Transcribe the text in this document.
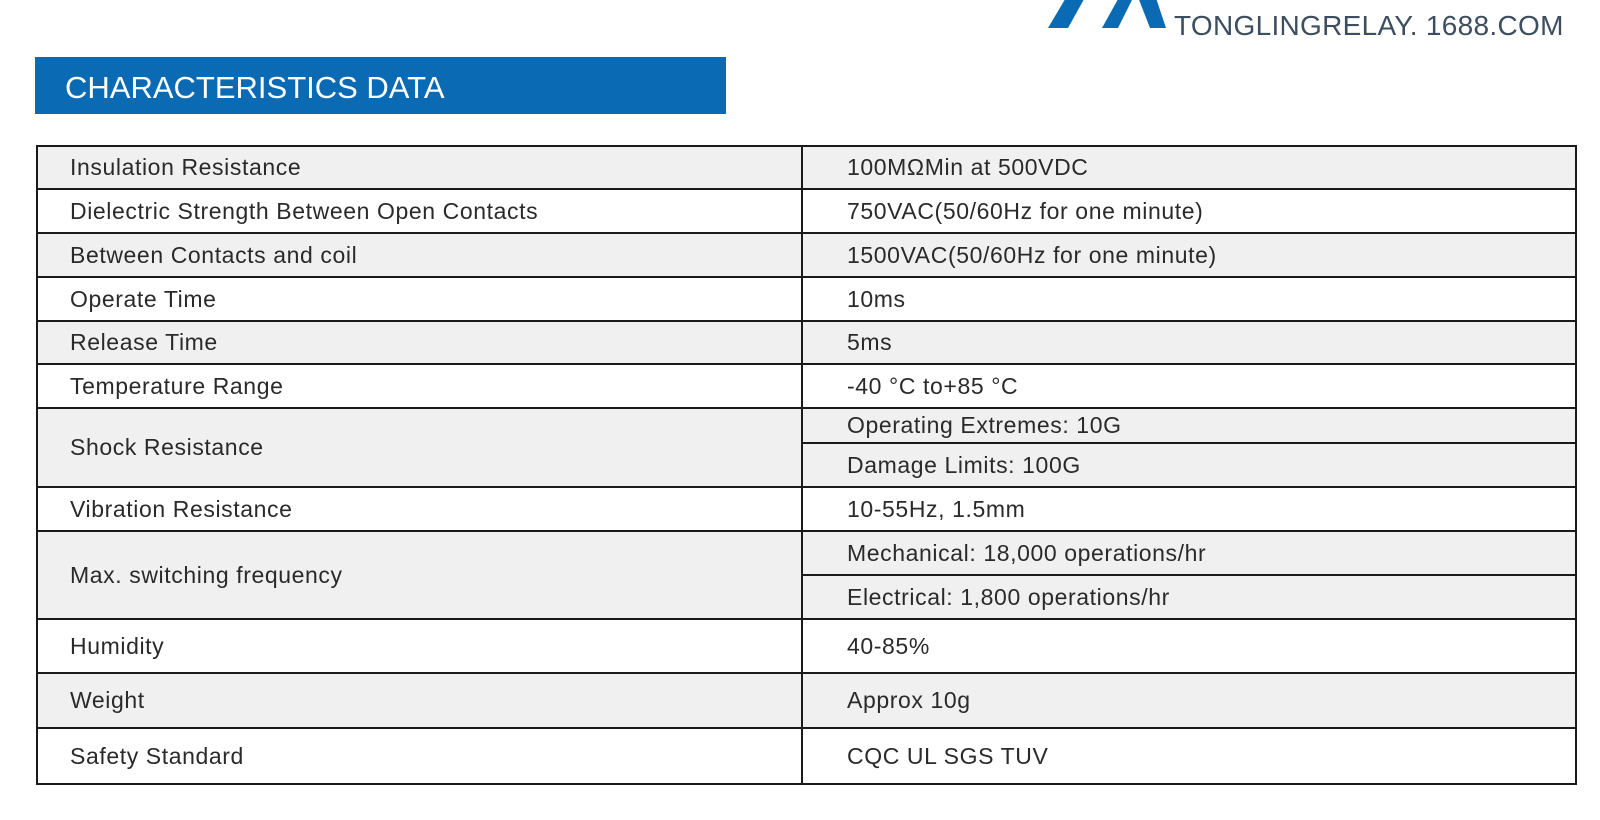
TONGLINGRELAY. 1688.COM
CHARACTERISTICS DATA
Insulation Resistance	100MΩMin at 500VDC
Dielectric Strength Between Open Contacts	750VAC(50/60Hz for one minute)
Between Contacts and coil	1500VAC(50/60Hz for one minute)
Operate Time	10ms
Release Time	5ms
Temperature Range	-40 °C to+85 °C
Shock Resistance	Operating Extremes: 10G
	Damage Limits: 100G
Vibration Resistance	10-55Hz, 1.5mm
Max. switching frequency	Mechanical: 18,000 operations/hr
	Electrical: 1,800 operations/hr
Humidity	40-85%
Weight	Approx 10g
Safety Standard	CQC UL SGS TUV
